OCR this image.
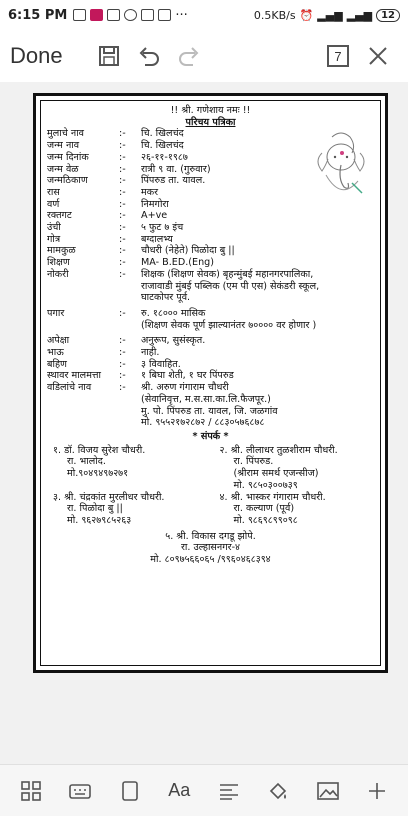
6:15 PM	···	0.5KB/s ⏰ ▂▄▆ ▂▄▆ 12
Done	7
!! श्री. गणेशाय नमः !!
परिचय पत्रिका
मुलाचे नाव	:-	चि. खिलचंद
जन्म नाव	:-	चि. खिलचंद
जन्म दिनांक	:-	२६-११-१९८७
जन्म वेळ	:-	रात्री ९ वा. (गुरुवार)
जन्मठिकाण	:-	पिंपरुड ता. यावल.
रास	:-	मकर
वर्ण	:-	निमगोरा
रक्तगट	:-	A+ve
उंची	:-	५ फुट ७ इंच
गोत्र	:-	बग्दालभ्य
मामकुळ	:-	चौधरी (नेहेते) पिळोदा बु ||
शिक्षण	:-	MA- B.ED.(Eng)
नोकरी	:-	शिक्षक (शिक्षण सेवक) बृहन्मुंबई महानगरपालिका,
राजावाडी मुंबई पब्लिक (एम पी एस) सेकंडरी स्कूल,
घाटकोपर पूर्व.
पगार	:-	रु. १८००० मासिक
(शिक्षण सेवक पूर्ण झाल्यानंतर ७०००० वर होणार )
अपेक्षा	:-	अनुरूप, सुसंस्कृत.
भाऊ	:-	नाही.
बहिण	:-	३ विवाहित.
स्थावर मालमत्ता	:-	१ बिघा शेती, १ घर पिंपरुड
वडिलांचे नाव	:-	श्री. अरुण गंगाराम चौधरी
(सेवानिवृत्त, म.स.सा.का.लि.फैजपूर.)
मु. पो. पिंपरुड ता. यावल, जि. जळगांव
मो. ९५५२१७२८७२ / ८८३०५७६८७८
* संपर्क *
१. डॉ. विजय सुरेश चौधरी.
रा. भालोद.
मो.९०४९४९७२७१
२. श्री. लीलाधर तुळशीराम चौधरी.
रा. पिंपरुड.
(श्रीराम समर्थ एजन्सीज)
मो. ९८५०३००७३९
३. श्री. चंद्रकांत मुरलीधर चौधरी.
रा. पिळोदा बु ||
मो. ९६२७९८५२६३
४. श्री. भास्कर गंगाराम चौधरी.
रा. कल्याण (पूर्व)
मो. ९८६९८९९०९८
५. श्री. विकास दगडू झोपे.
रा. उल्हासनगर-४
मो. ८०९७५६६०६५ /९९६०४६८३९४
Aa
